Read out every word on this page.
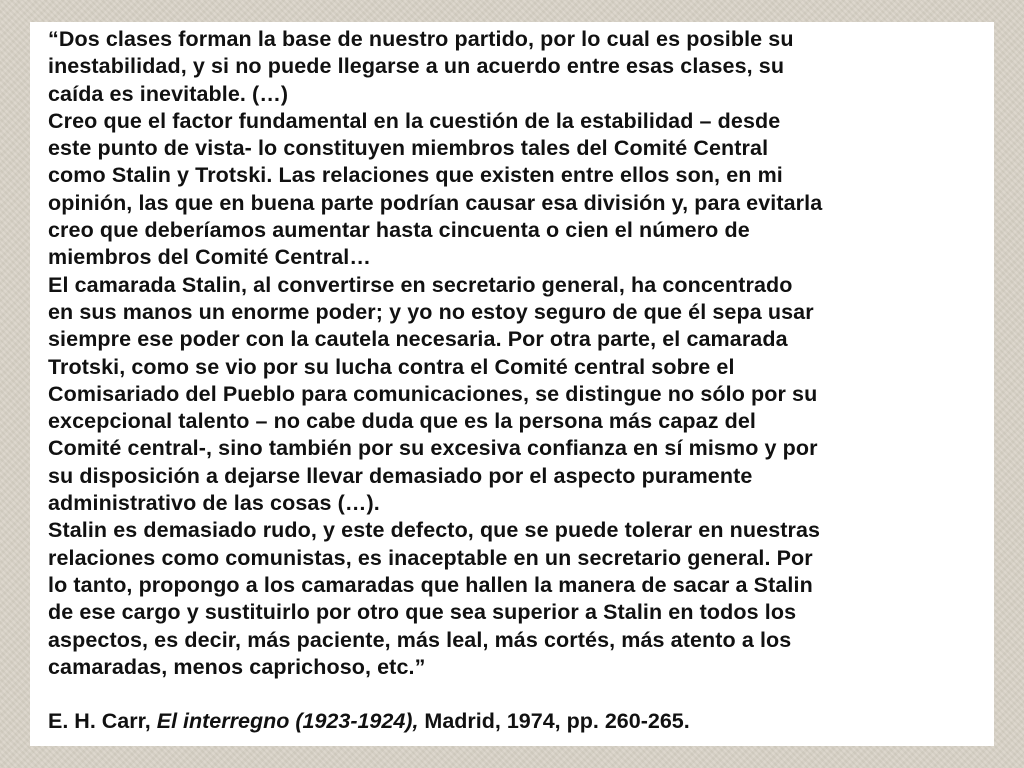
“Dos clases forman la base de nuestro partido, por lo cual es posible su

inestabilidad, y si no puede llegarse a un acuerdo entre esas clases, su

caída es inevitable. (…)

Creo que el factor fundamental en la cuestión de la estabilidad – desde

este punto de vista- lo constituyen miembros tales del Comité Central

como Stalin y Trotski. Las relaciones que existen entre ellos son, en mi

opinión, las que en buena parte podrían causar esa división y, para evitarla

creo que deberíamos aumentar hasta cincuenta o cien el número de

miembros del Comité Central…

El camarada Stalin, al convertirse en secretario general, ha concentrado

en sus manos un enorme poder; y yo no estoy seguro de que él sepa usar

siempre ese poder con la cautela necesaria. Por otra parte, el camarada

Trotski, como se vio por su lucha contra el Comité central sobre el

Comisariado del Pueblo para comunicaciones, se distingue no sólo por su

excepcional talento – no cabe duda que es la persona más capaz del

Comité central-, sino también por su excesiva confianza en sí mismo y por

su disposición a dejarse llevar demasiado por el aspecto puramente

administrativo de las cosas (…).

Stalin es demasiado rudo, y este defecto, que se puede tolerar en nuestras

relaciones como comunistas, es inaceptable en un secretario general. Por

lo tanto, propongo a los camaradas que hallen la manera de sacar a Stalin

de ese cargo y sustituirlo por otro que sea superior a Stalin en todos los

aspectos, es decir, más paciente, más leal, más cortés, más atento a los

camaradas, menos caprichoso, etc.”

E. H. Carr, El interregno (1923-1924), Madrid, 1974, pp. 260-265.
